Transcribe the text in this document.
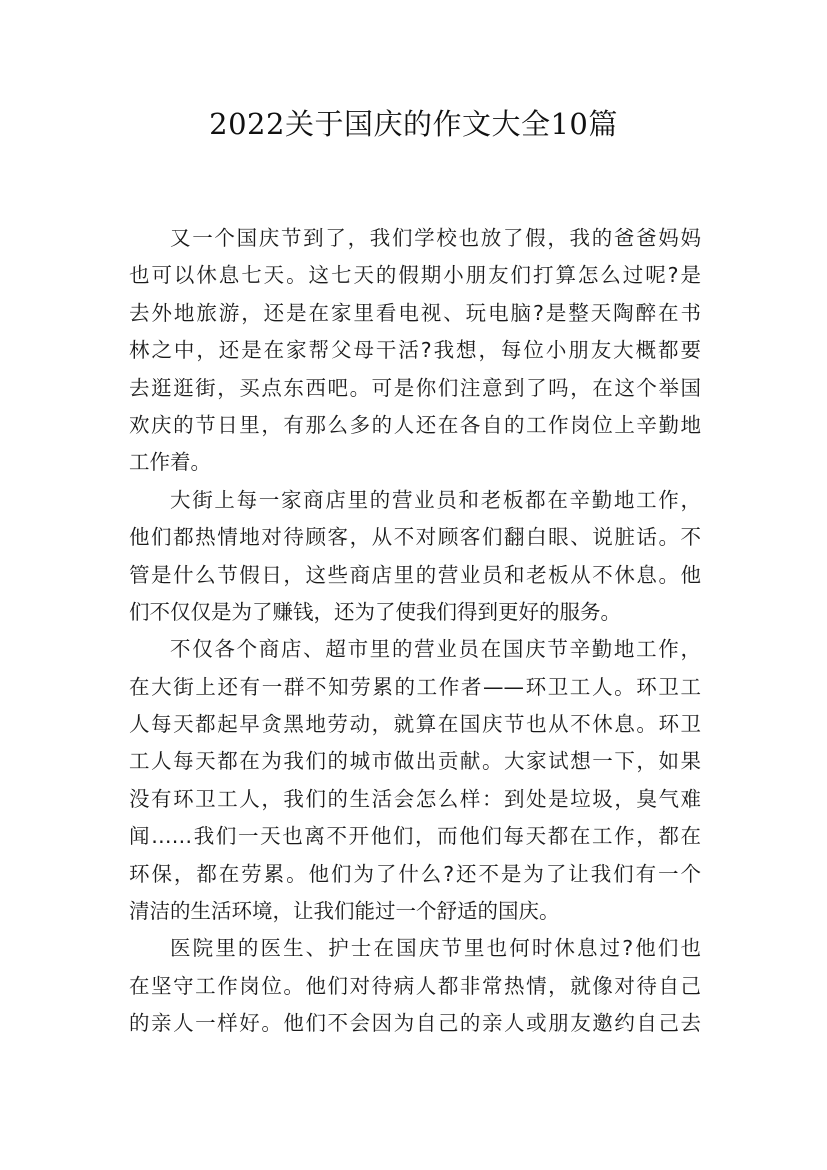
2022关于国庆的作文大全10篇
又一个国庆节到了，我们学校也放了假，我的爸爸妈妈
也可以休息七天。这七天的假期小朋友们打算怎么过呢?是
去外地旅游，还是在家里看电视、玩电脑?是整天陶醉在书
林之中，还是在家帮父母干活?我想，每位小朋友大概都要
去逛逛街，买点东西吧。可是你们注意到了吗，在这个举国
欢庆的节日里，有那么多的人还在各自的工作岗位上辛勤地
工作着。
大街上每一家商店里的营业员和老板都在辛勤地工作，
他们都热情地对待顾客，从不对顾客们翻白眼、说脏话。不
管是什么节假日，这些商店里的营业员和老板从不休息。他
们不仅仅是为了赚钱，还为了使我们得到更好的服务。
不仅各个商店、超市里的营业员在国庆节辛勤地工作，
在大街上还有一群不知劳累的工作者——环卫工人。环卫工
人每天都起早贪黑地劳动，就算在国庆节也从不休息。环卫
工人每天都在为我们的城市做出贡献。大家试想一下，如果
没有环卫工人，我们的生活会怎么样：到处是垃圾，臭气难
闻……我们一天也离不开他们，而他们每天都在工作，都在
环保，都在劳累。他们为了什么?还不是为了让我们有一个
清洁的生活环境，让我们能过一个舒适的国庆。
医院里的医生、护士在国庆节里也何时休息过?他们也
在坚守工作岗位。他们对待病人都非常热情，就像对待自己
的亲人一样好。他们不会因为自己的亲人或朋友邀约自己去
